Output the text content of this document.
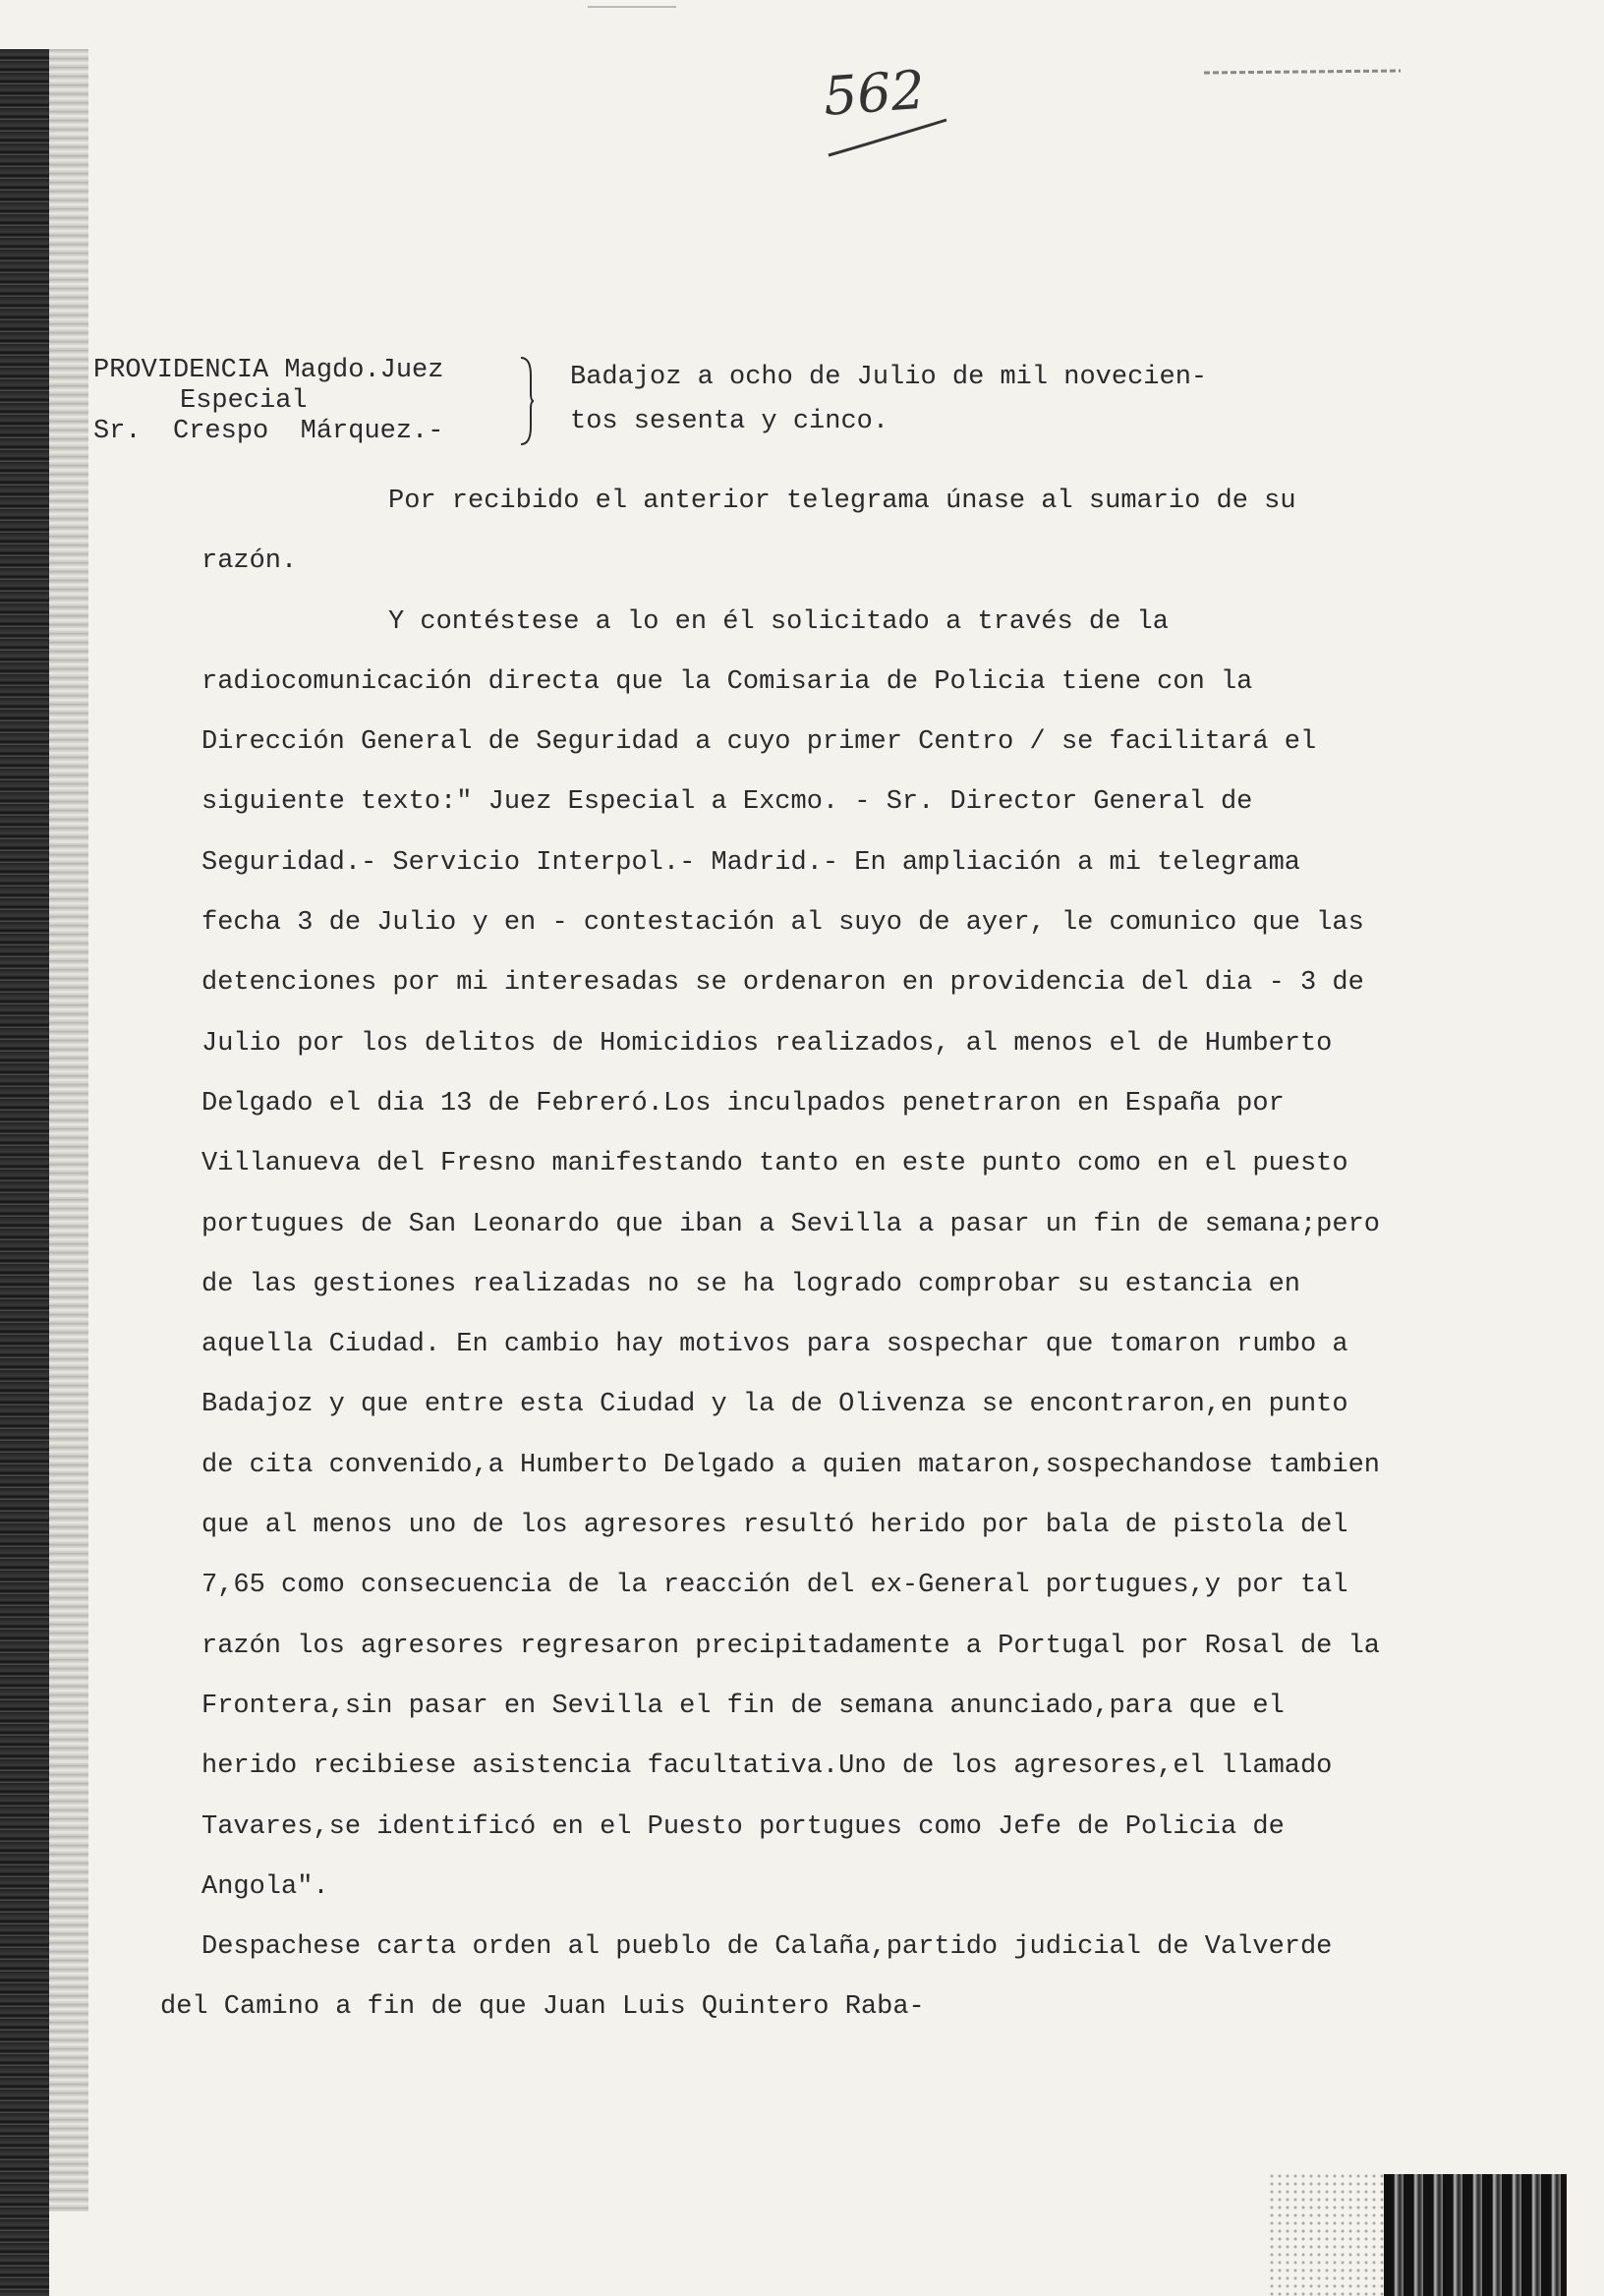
562
PROVIDENCIA Magdo.Juez
Especial
Sr.  Crespo  Márquez.-
Badajoz a ocho de Julio de mil novecien-
tos sesenta y cinco.

Por recibido el anterior telegrama únase al sumario de su razón.

Y contéstese a lo en él solicitado a través de la radiocomunicación directa que la Comisaria de Policia tiene con la Dirección General de Seguridad a cuyo primer Centro / se facilitará el siguiente texto:" Juez Especial a Excmo. - Sr. Director General de Seguridad.- Servicio Interpol.- Madrid.- En ampliación a mi telegrama fecha 3 de Julio y en - contestación al suyo de ayer, le comunico que las detenciones por mi interesadas se ordenaron en providencia del dia - 3 de Julio por los delitos de Homicidios realizados, al menos el de Humberto Delgado el dia 13 de Febreró.Los inculpados penetraron en España por Villanueva del Fresno manifestando tanto en este punto como en el puesto portugues de San Leonardo que iban a Sevilla a pasar un fin de semana;pero de las gestiones realizadas no se ha logrado comprobar su estancia en aquella Ciudad. En cambio hay motivos para sospechar que tomaron rumbo a Badajoz y que entre esta Ciudad y la de Olivenza se encontraron,en punto de cita convenido,a Humberto Delgado a quien mataron,sospechandose tambien que al menos uno de los agresores resultó herido por bala de pistola del 7,65 como consecuencia de la reacción del ex-General portugues,y por tal razón los agresores regresaron precipitadamente a Portugal por Rosal de la Frontera,sin pasar en Sevilla el fin de semana anunciado,para que el herido recibiese asistencia facultativa.Uno de los agresores,el llamado Tavares,se identificó en el Puesto portugues como Jefe de Policia de Angola".

Despachese carta orden al pueblo de Calaña,partido judicial de Valverde del Camino a fin de que Juan Luis Quintero Raba-
